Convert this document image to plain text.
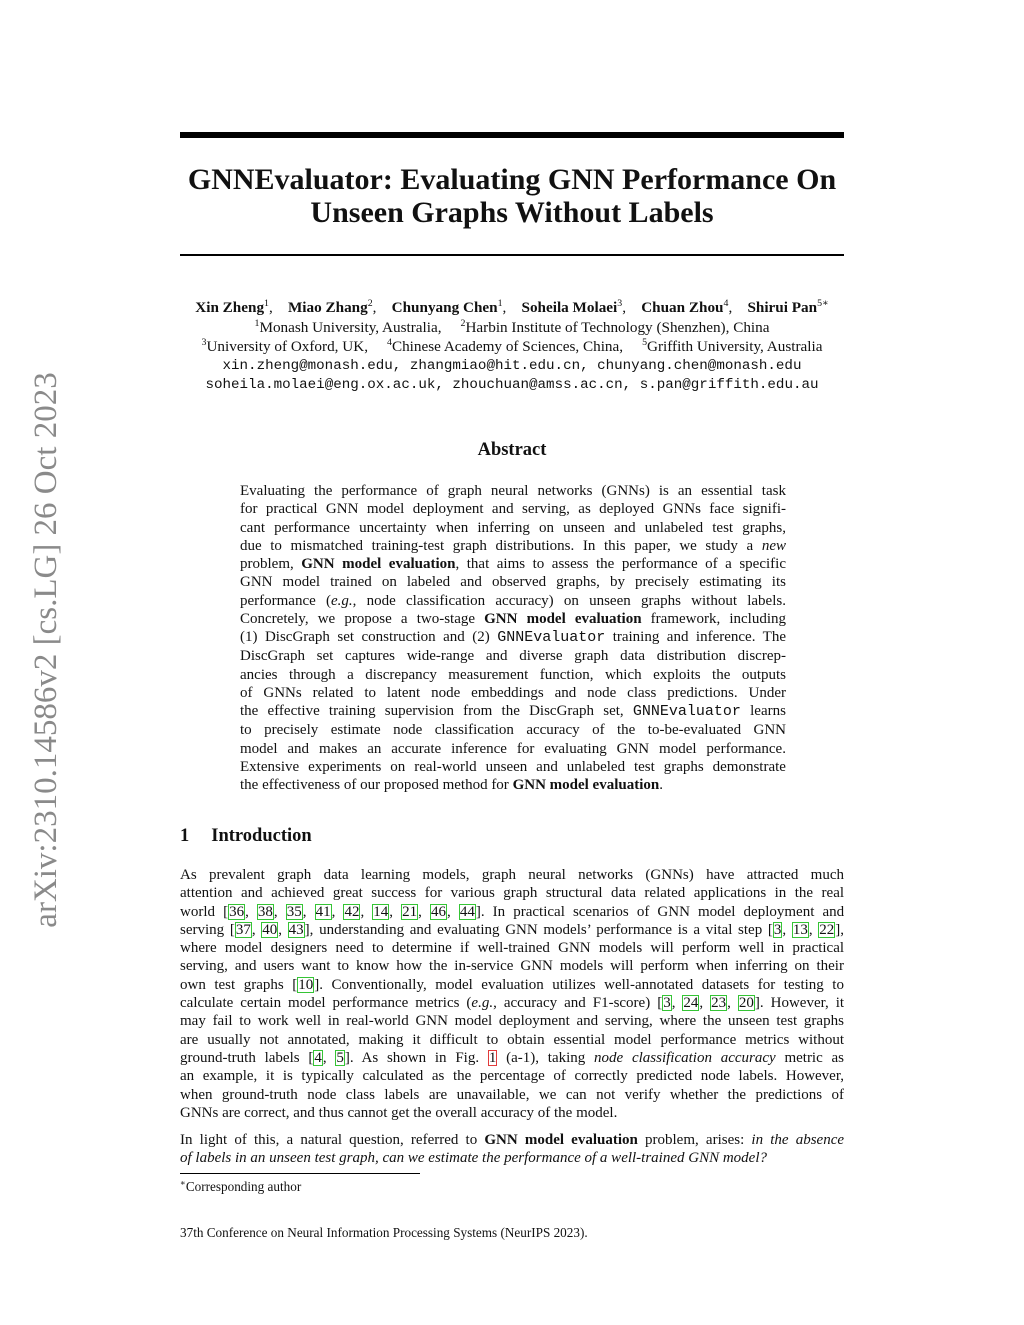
GNNEvaluator: Evaluating GNN Performance On
Unseen Graphs Without Labels
arXiv:2310.14586v2 [cs.LG] 26 Oct 2023
Xin Zheng$^1$, Miao Zhang$^2$, Chunyang Chen$^1$, Soheila Molaei$^3$, Chuan Zhou$^4$, Shirui Pan$^{5∗}$
$^1$Monash University, Australia,  $^2$Harbin Institute of Technology (Shenzhen), China
$^3$University of Oxford, UK,  $^4$Chinese Academy of Sciences, China,  $^5$Griffith University, Australia
xin.zheng@monash.edu, zhangmiao@hit.edu.cn, chunyang.chen@monash.edu
soheila.molaei@eng.ox.ac.uk, zhouchuan@amss.ac.cn, s.pan@griffith.edu.au
Abstract
Evaluating the performance of graph neural networks (GNNs) is an essential task
for practical GNN model deployment and serving, as deployed GNNs face signifi-
cant performance uncertainty when inferring on unseen and unlabeled test graphs,
due to mismatched training-test graph distributions. In this paper, we study a new
problem, GNN model evaluation, that aims to assess the performance of a specific
GNN model trained on labeled and observed graphs, by precisely estimating its
performance (e.g., node classification accuracy) on unseen graphs without labels.
Concretely, we propose a two-stage GNN model evaluation framework, including
(1) DiscGraph set construction and (2) GNNEvaluator training and inference. The
DiscGraph set captures wide-range and diverse graph data distribution discrep-
ancies through a discrepancy measurement function, which exploits the outputs
of GNNs related to latent node embeddings and node class predictions. Under
the effective training supervision from the DiscGraph set, GNNEvaluator learns
to precisely estimate node classification accuracy of the to-be-evaluated GNN
model and makes an accurate inference for evaluating GNN model performance.
Extensive experiments on real-world unseen and unlabeled test graphs demonstrate
the effectiveness of our proposed method for GNN model evaluation.
1 Introduction
As prevalent graph data learning models, graph neural networks (GNNs) have attracted much
attention and achieved great success for various graph structural data related applications in the real
world [36, 38, 35, 41, 42, 14, 21, 46, 44]. In practical scenarios of GNN model deployment and
serving [37, 40, 43], understanding and evaluating GNN models’ performance is a vital step [3, 13, 22],
where model designers need to determine if well-trained GNN models will perform well in practical
serving, and users want to know how the in-service GNN models will perform when inferring on their
own test graphs [10]. Conventionally, model evaluation utilizes well-annotated datasets for testing to
calculate certain model performance metrics (e.g., accuracy and F1-score) [3, 24, 23, 20]. However, it
may fail to work well in real-world GNN model deployment and serving, where the unseen test graphs
are usually not annotated, making it difficult to obtain essential model performance metrics without
ground-truth labels [4, 5]. As shown in Fig. 1 (a-1), taking node classification accuracy metric as
an example, it is typically calculated as the percentage of correctly predicted node labels. However,
when ground-truth node class labels are unavailable, we can not verify whether the predictions of
GNNs are correct, and thus cannot get the overall accuracy of the model.
In light of this, a natural question, referred to GNN model evaluation problem, arises: in the absence
of labels in an unseen test graph, can we estimate the performance of a well-trained GNN model?
∗Corresponding author
37th Conference on Neural Information Processing Systems (NeurIPS 2023).
